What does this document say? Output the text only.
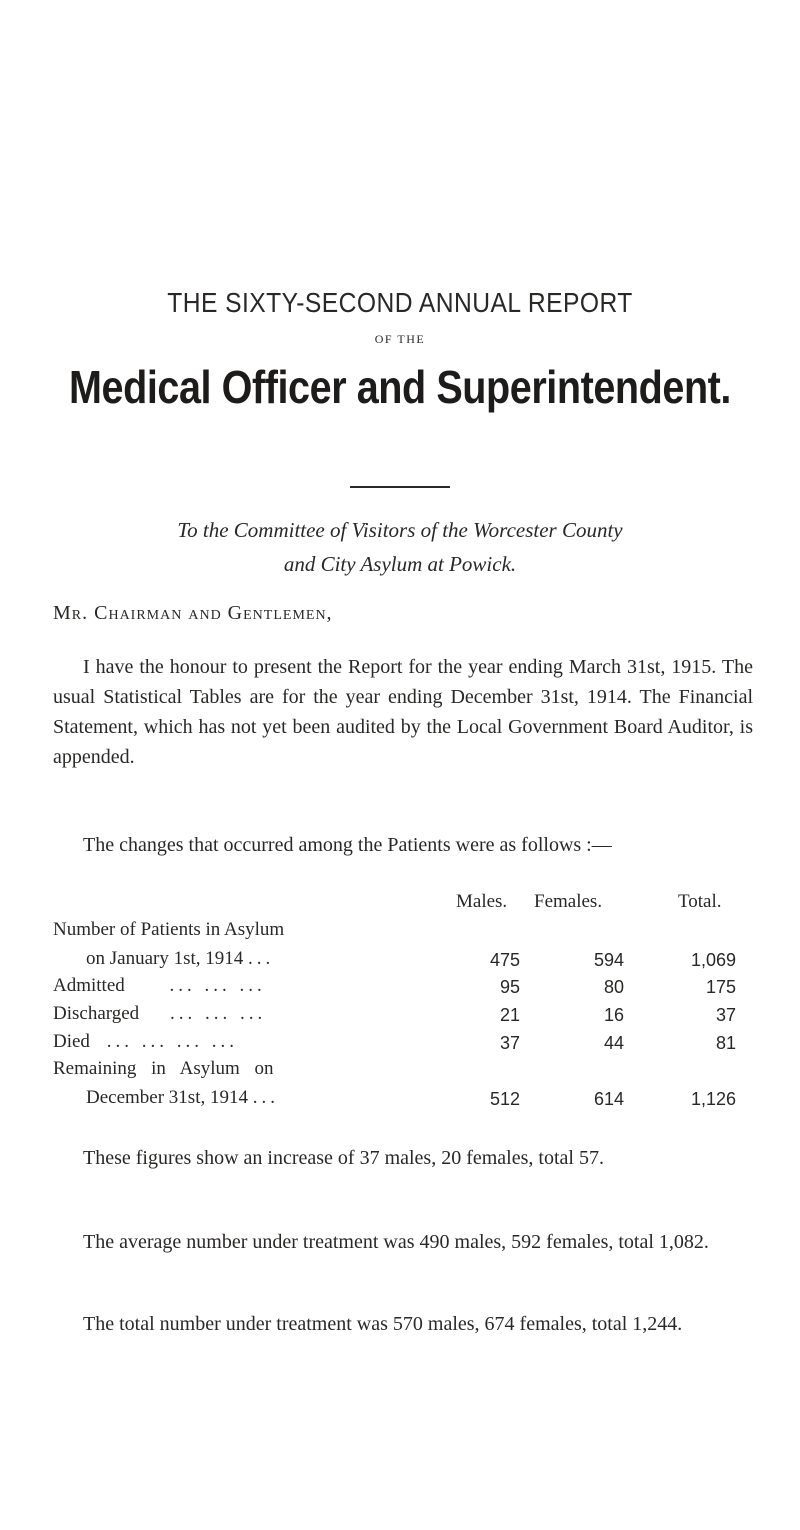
THE SIXTY-SECOND ANNUAL REPORT
OF THE
Medical Officer and Superintendent.
To the Committee of Visitors of the Worcester County
and City Asylum at Powick.
Mr. Chairman and Gentlemen,
I have the honour to present the Report for the year ending March 31st, 1915. The usual Statistical Tables are for the year ending December 31st, 1914. The Financial Statement, which has not yet been audited by the Local Government Board Auditor, is appended.
The changes that occurred among the Patients were as follows :—
Males. Females.	Total.
Number of Patients in Asylum
on January 1st, 1914 ...	475	594	1,069
Admitted ... ... ...	95	80	175
Discharged ... ... ...	21	16	37
Died ... ... ... ...	37	44	81
Remaining in Asylum on
December 31st, 1914 ...	512	614	1,126
These figures show an increase of 37 males, 20 females, total 57.
The average number under treatment was 490 males, 592 females, total 1,082.
The total number under treatment was 570 males, 674 females, total 1,244.
